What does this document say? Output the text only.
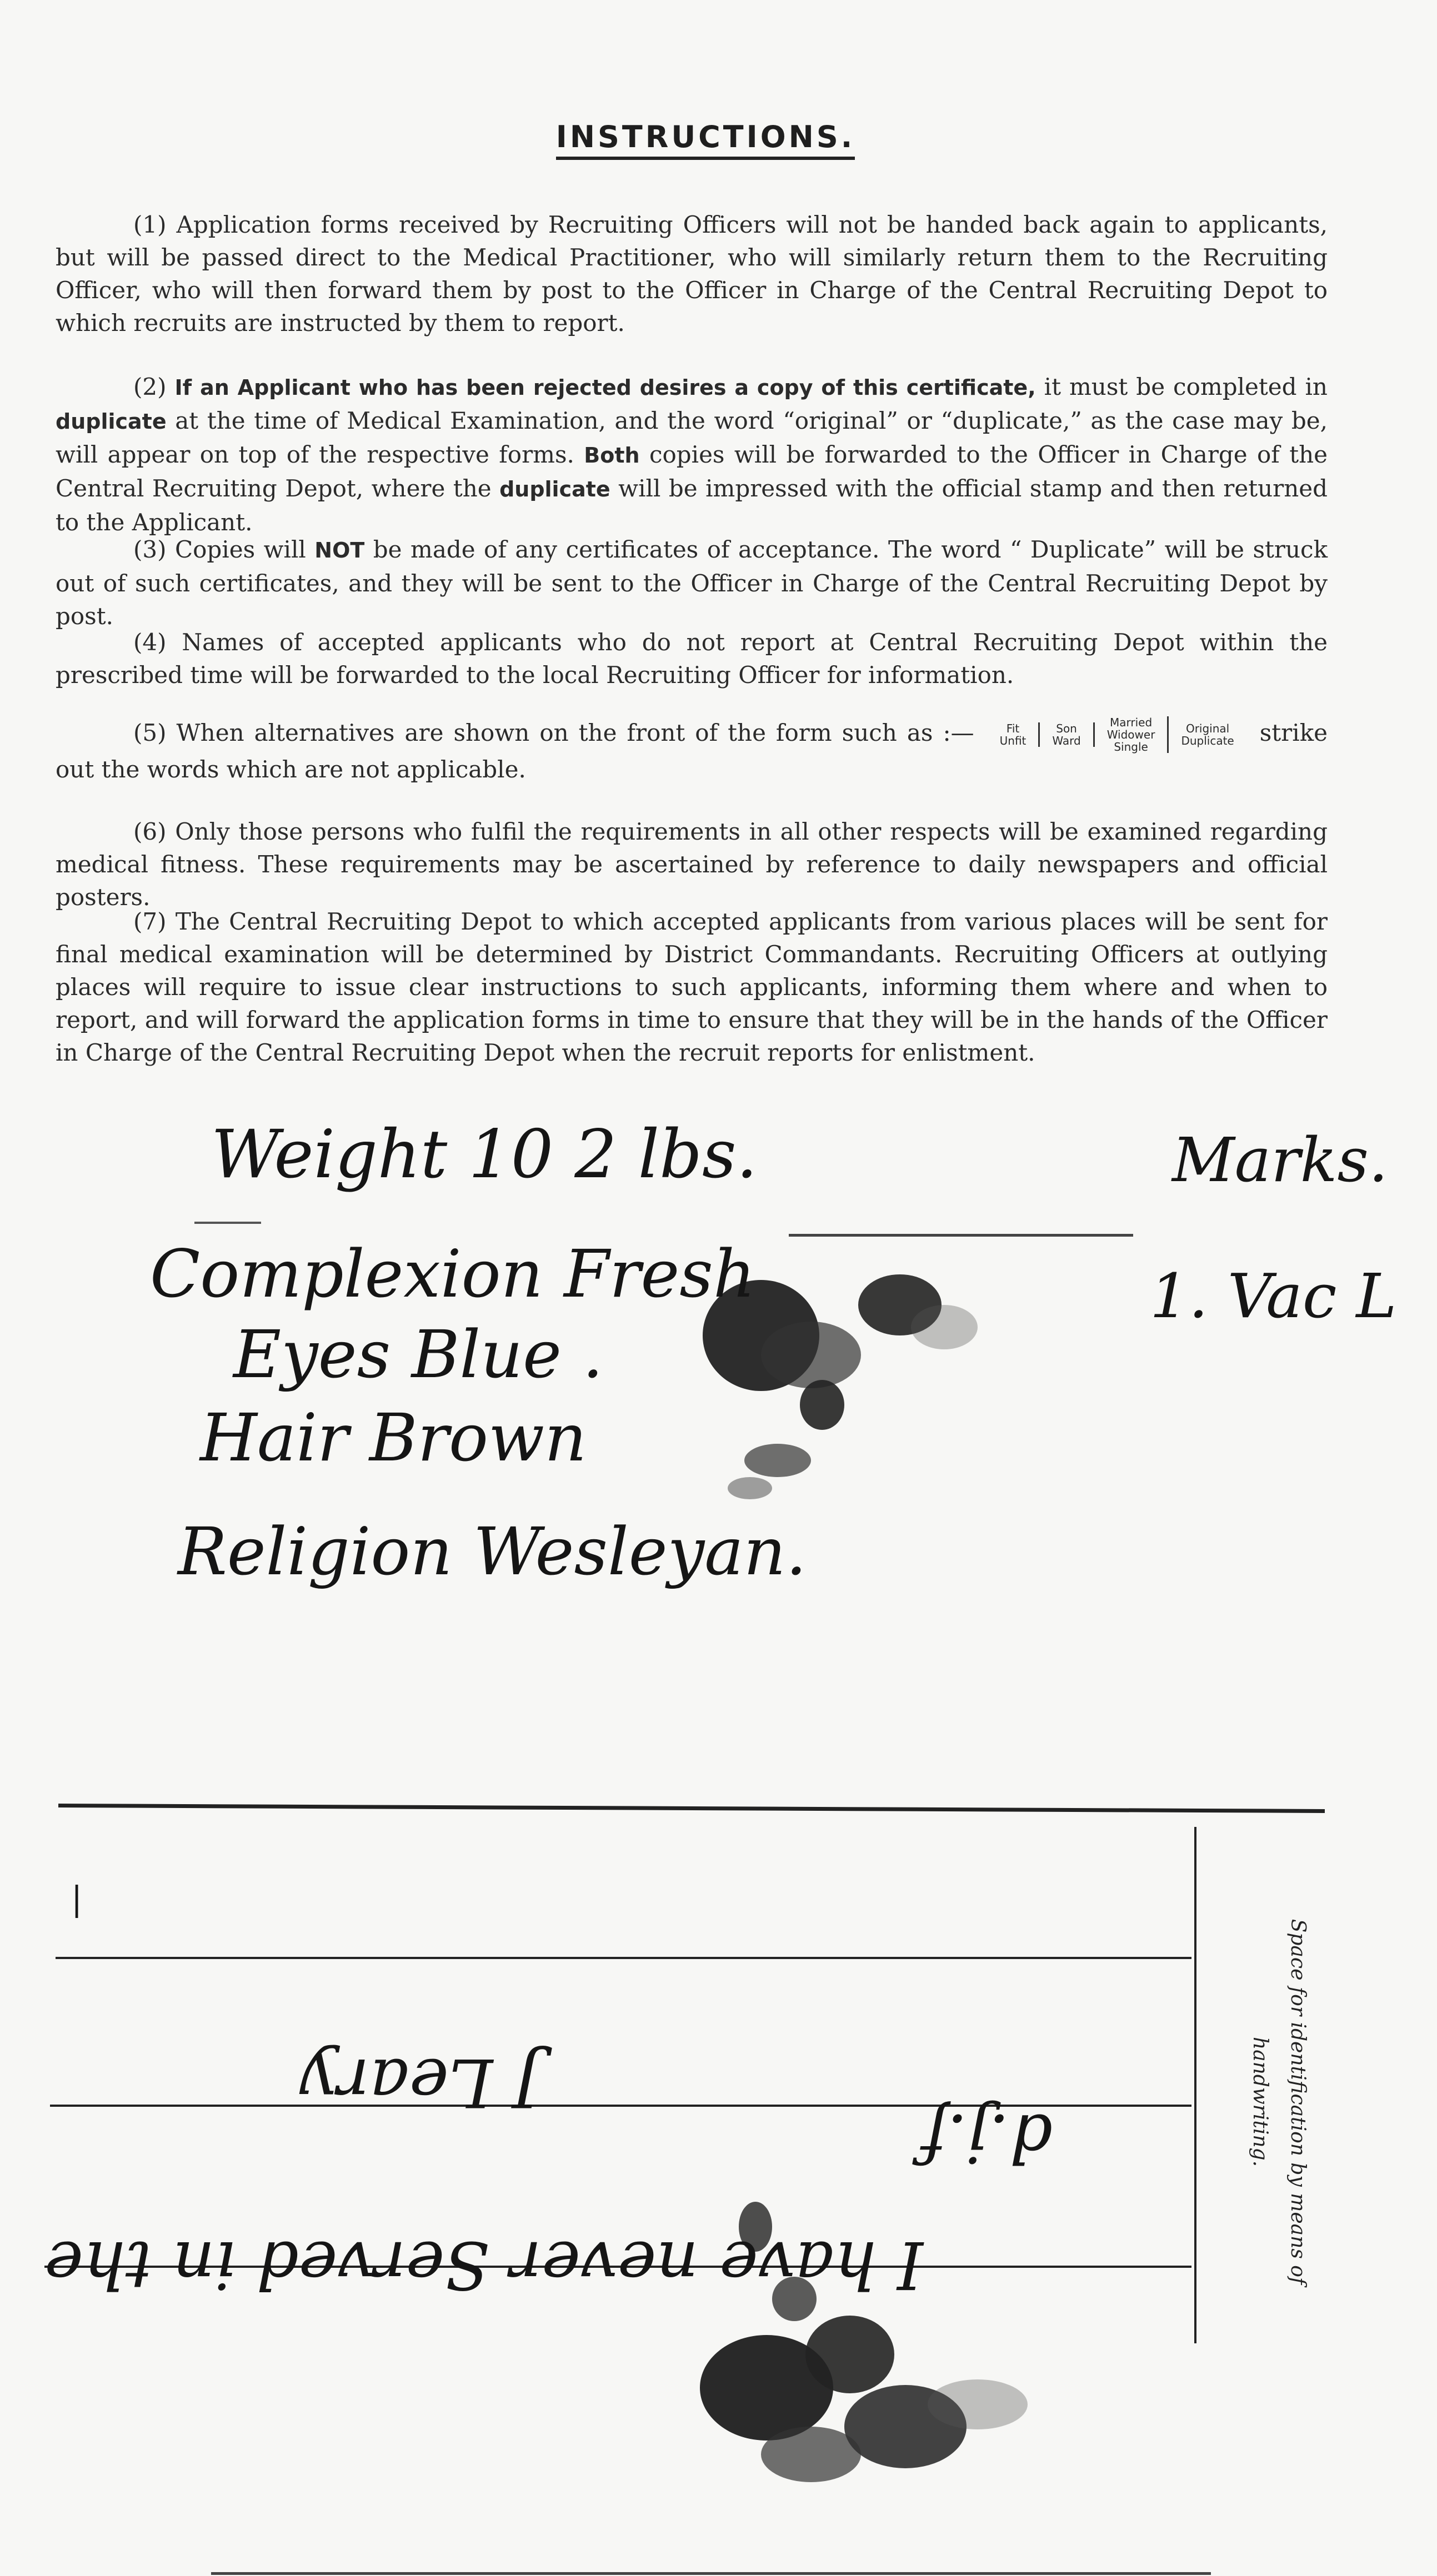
INSTRUCTIONS.
(1) Application forms received by Recruiting Officers will not be handed back again to applicants, but will be passed direct to the Medical Practitioner, who will similarly return them to the Recruiting Officer, who will then forward them by post to the Officer in Charge of the Central Recruiting Depot to which recruits are instructed by them to report.
(2) If an Applicant who has been rejected desires a copy of this certificate, it must be completed in duplicate at the time of Medical Examination, and the word “original” or “duplicate,” as the case may be, will appear on top of the respective forms. Both copies will be forwarded to the Officer in Charge of the Central Recruiting Depot, where the duplicate will be impressed with the official stamp and then returned to the Applicant.
(3) Copies will NOT be made of any certificates of acceptance. The word “ Duplicate” will be struck out of such certificates, and they will be sent to the Officer in Charge of the Central Recruiting Depot by post.
(4) Names of accepted applicants who do not report at Central Recruiting Depot within the prescribed time will be forwarded to the local Recruiting Officer for information.
(5) When alternatives are shown on the front of the form such as :—	Fit
Unfit
Son
Ward
Married
Widower
Single
Original
Duplicate	strike out the words which are not applicable.
(6) Only those persons who fulfil the requirements in all other respects will be examined regarding medical fitness. These requirements may be ascertained by reference to daily newspapers and official posters.
(7) The Central Recruiting Depot to which accepted applicants from various places will be sent for final medical examination will be determined by District Commandants. Recruiting Officers at outlying places will require to issue clear instructions to such applicants, informing them where and when to report, and will forward the application forms in time to ensure that they will be in the hands of the Officer in Charge of the Central Recruiting Depot when the recruit reports for enlistment.
Weight 10 2 lbs.
Complexion Fresh
Eyes Blue .
Hair Brown
Religion Wesleyan.
Marks.
1. Vac L
|
J Leary
d.j.f
I have never Served in the	Space for identification by means of handwriting.
